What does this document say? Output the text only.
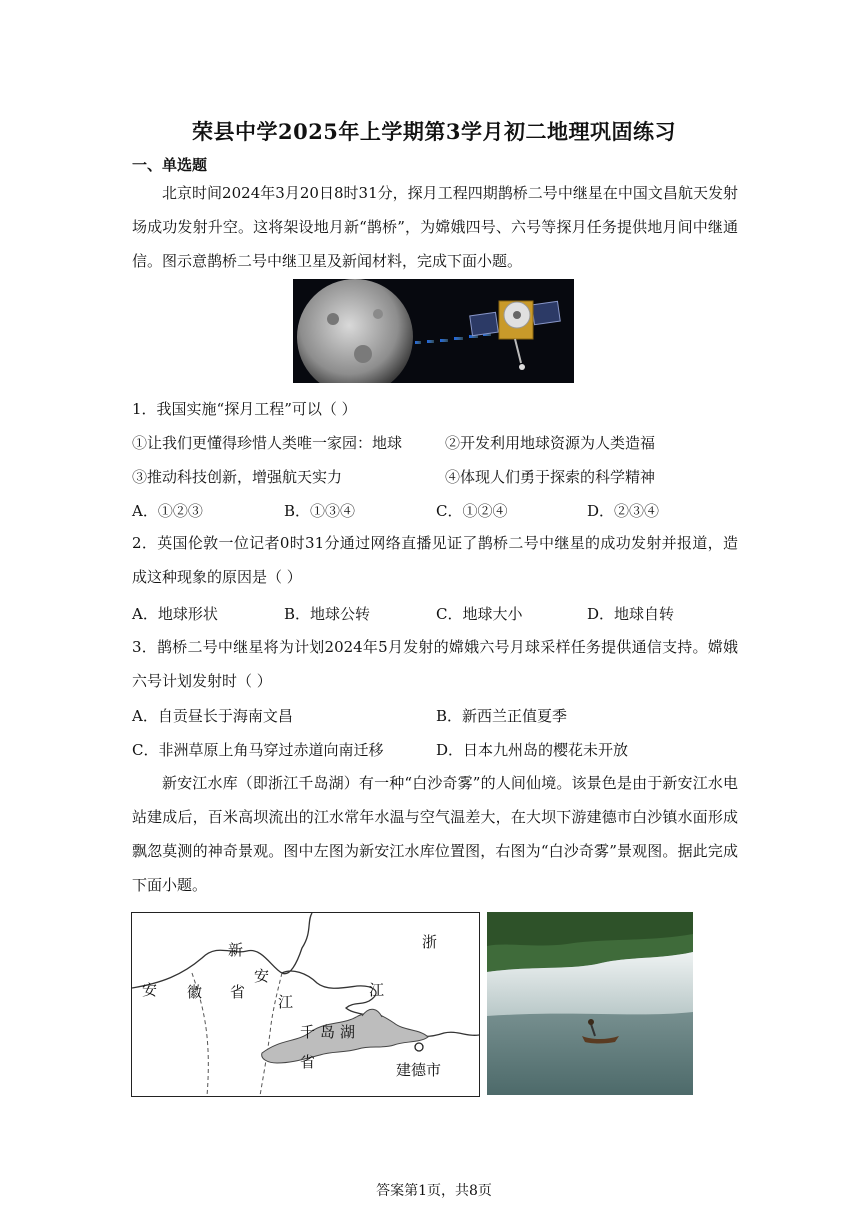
荣县中学2025年上学期第3学月初二地理巩固练习
一、单选题
北京时间2024年3月20日8时31分，探月工程四期鹊桥二号中继星在中国文昌航天发射场成功发射升空。这将架设地月新“鹊桥”，为嫦娥四号、六号等探月任务提供地月间中继通信。图示意鹊桥二号中继卫星及新闻材料，完成下面小题。
1．我国实施“探月工程”可以（ ）
①让我们更懂得珍惜人类唯一家园：地球	②开发利用地球资源为人类造福
③推动科技创新，增强航天实力	④体现人们勇于探索的科学精神
A．①②③	B．①③④	C．①②④	D．②③④
2．英国伦敦一位记者0时31分通过网络直播见证了鹊桥二号中继星的成功发射并报道，造成这种现象的原因是（ ）
A．地球形状	B．地球公转	C．地球大小	D．地球自转
3．鹊桥二号中继星将为计划2024年5月发射的嫦娥六号月球采样任务提供通信支持。嫦娥六号计划发射时（ ）
A．自贡昼长于海南文昌	B．新西兰正值夏季
C．非洲草原上角马穿过赤道向南迁移	D．日本九州岛的樱花未开放
新安江水库（即浙江千岛湖）有一种“白沙奇雾”的人间仙境。该景色是由于新安江水电站建成后，百米高坝流出的江水常年水温与空气温差大，在大坝下游建德市白沙镇水面形成飘忽莫测的神奇景观。图中左图为新安江水库位置图，右图为“白沙奇雾”景观图。据此完成下面小题。
安 徽 省
新
安
江
浙
江
千 岛 湖
省	建德市
答案第1页，共8页
